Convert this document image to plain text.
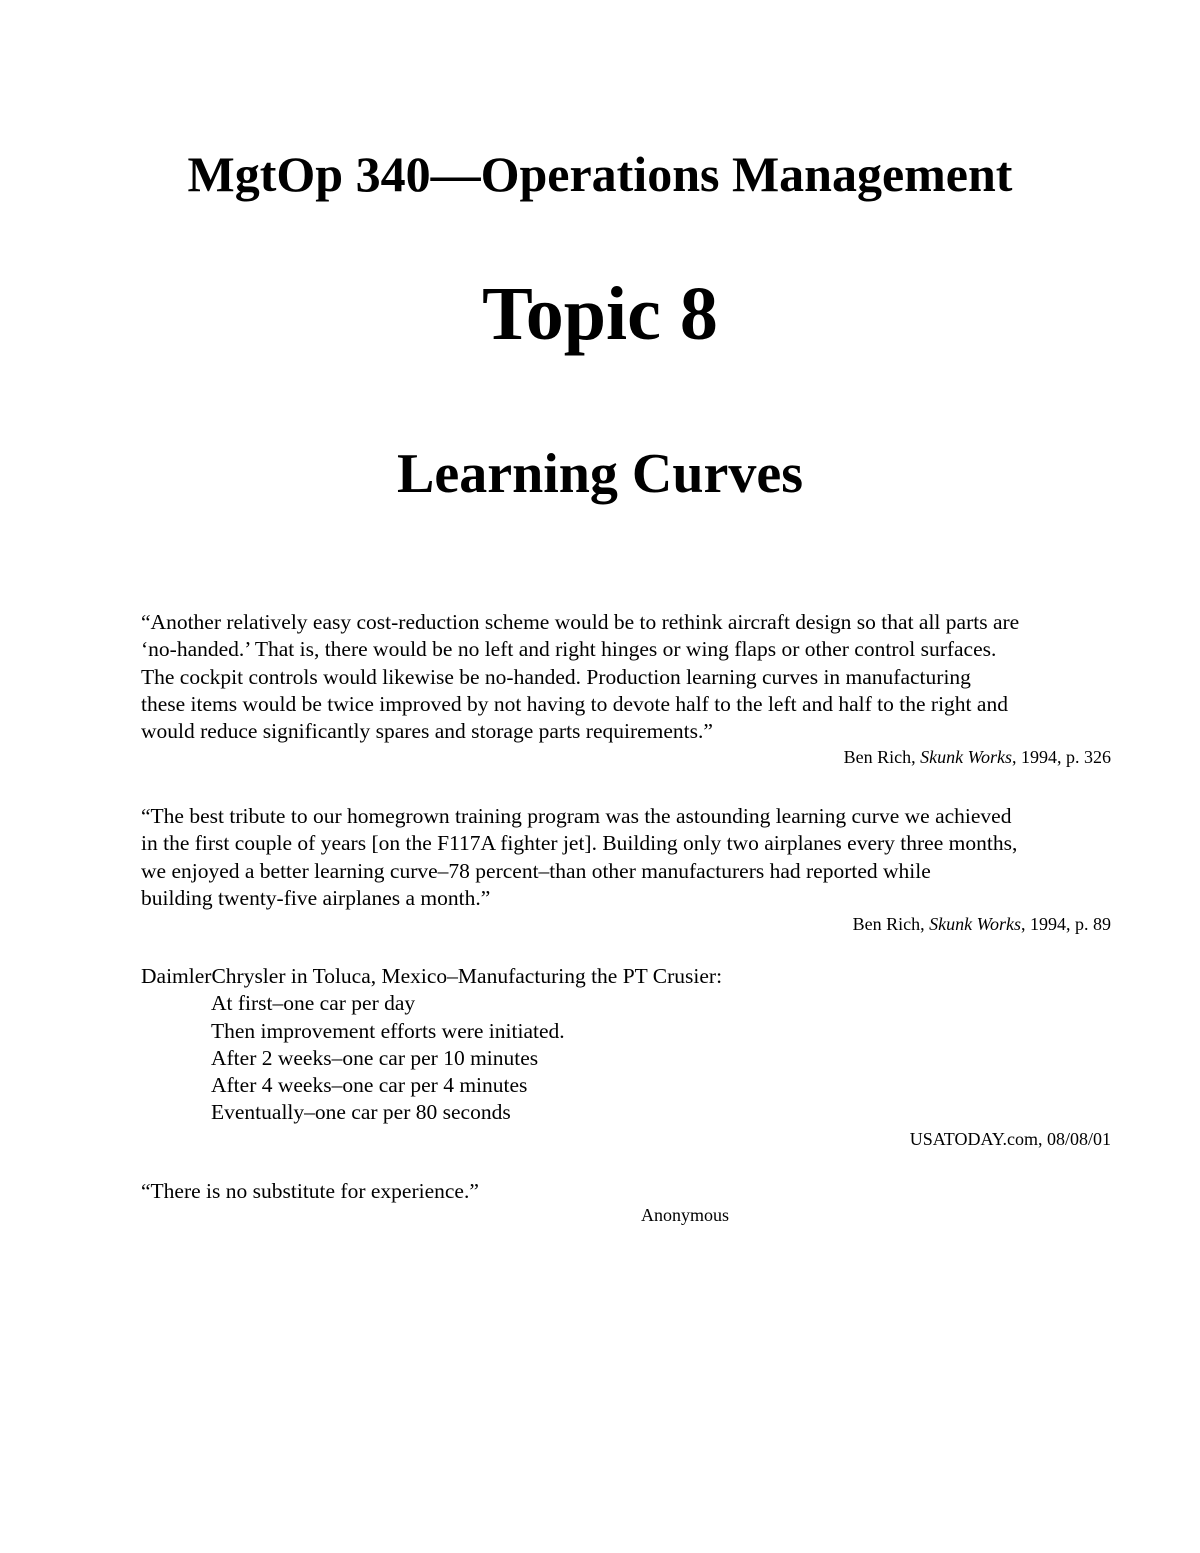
MgtOp 340—Operations Management
Topic 8
Learning Curves

“Another relatively easy cost-reduction scheme would be to rethink aircraft design so that all parts are

‘no-handed.’ That is, there would be no left and right hinges or wing flaps or other control surfaces.

The cockpit controls would likewise be no-handed. Production learning curves in manufacturing

these items would be twice improved by not having to devote half to the left and half to the right and

would reduce significantly spares and storage parts requirements.”

Ben Rich, Skunk Works, 1994, p. 326

“The best tribute to our homegrown training program was the astounding learning curve we achieved

in the first couple of years [on the F117A fighter jet]. Building only two airplanes every three months,

we enjoyed a better learning curve–78 percent–than other manufacturers had reported while

building twenty-five airplanes a month.”

Ben Rich, Skunk Works, 1994, p. 89

DaimlerChrysler in Toluca, Mexico–Manufacturing the PT Crusier:

At first–one car per day

Then improvement efforts were initiated.

After 2 weeks–one car per 10 minutes

After 4 weeks–one car per 4 minutes

Eventually–one car per 80 seconds

USATODAY.com, 08/08/01

“There is no substitute for experience.”

Anonymous
